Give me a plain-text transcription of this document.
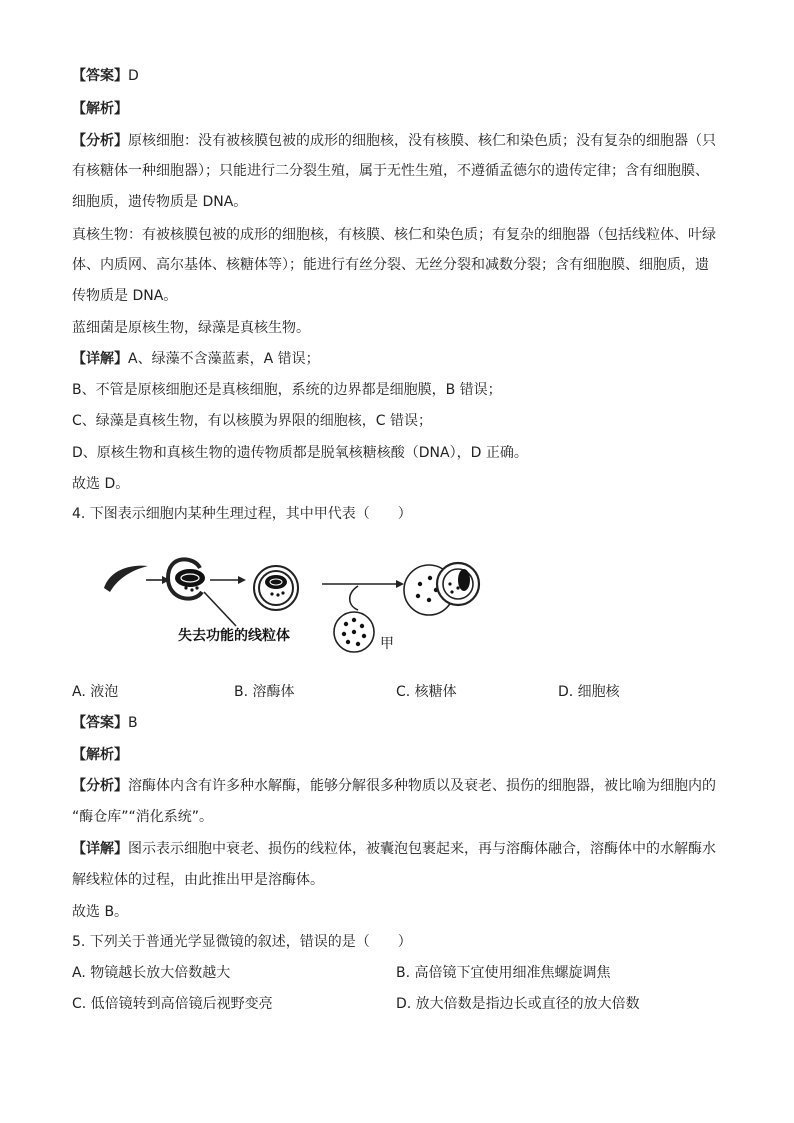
【答案】D
【解析】
【分析】原核细胞：没有被核膜包被的成形的细胞核，没有核膜、核仁和染色质；没有复杂的细胞器（只
有核糖体一种细胞器）；只能进行二分裂生殖，属于无性生殖，不遵循孟德尔的遗传定律；含有细胞膜、
细胞质，遗传物质是 DNA。
真核生物：有被核膜包被的成形的细胞核，有核膜、核仁和染色质；有复杂的细胞器（包括线粒体、叶绿
体、内质网、高尔基体、核糖体等）；能进行有丝分裂、无丝分裂和减数分裂；含有细胞膜、细胞质，遗
传物质是 DNA。
蓝细菌是原核生物，绿藻是真核生物。
【详解】A、绿藻不含藻蓝素，A 错误；
B、不管是原核细胞还是真核细胞，系统的边界都是细胞膜，B 错误；
C、绿藻是真核生物，有以核膜为界限的细胞核，C 错误；
D、原核生物和真核生物的遗传物质都是脱氧核糖核酸（DNA），D 正确。
故选 D。
4. 下图表示细胞内某种生理过程，其中甲代表（　　）
失去功能的线粒体	甲
A. 液泡	B. 溶酶体	C. 核糖体	D. 细胞核
【答案】B
【解析】
【分析】溶酶体内含有许多种水解酶，能够分解很多种物质以及衰老、损伤的细胞器，被比喻为细胞内的
“酶仓库”“消化系统”。
【详解】图示表示细胞中衰老、损伤的线粒体，被囊泡包裹起来，再与溶酶体融合，溶酶体中的水解酶水
解线粒体的过程，由此推出甲是溶酶体。
故选 B。
5. 下列关于普通光学显微镜的叙述，错误的是（　　）
A. 物镜越长放大倍数越大	B. 高倍镜下宜使用细准焦螺旋调焦
C. 低倍镜转到高倍镜后视野变亮	D. 放大倍数是指边长或直径的放大倍数
